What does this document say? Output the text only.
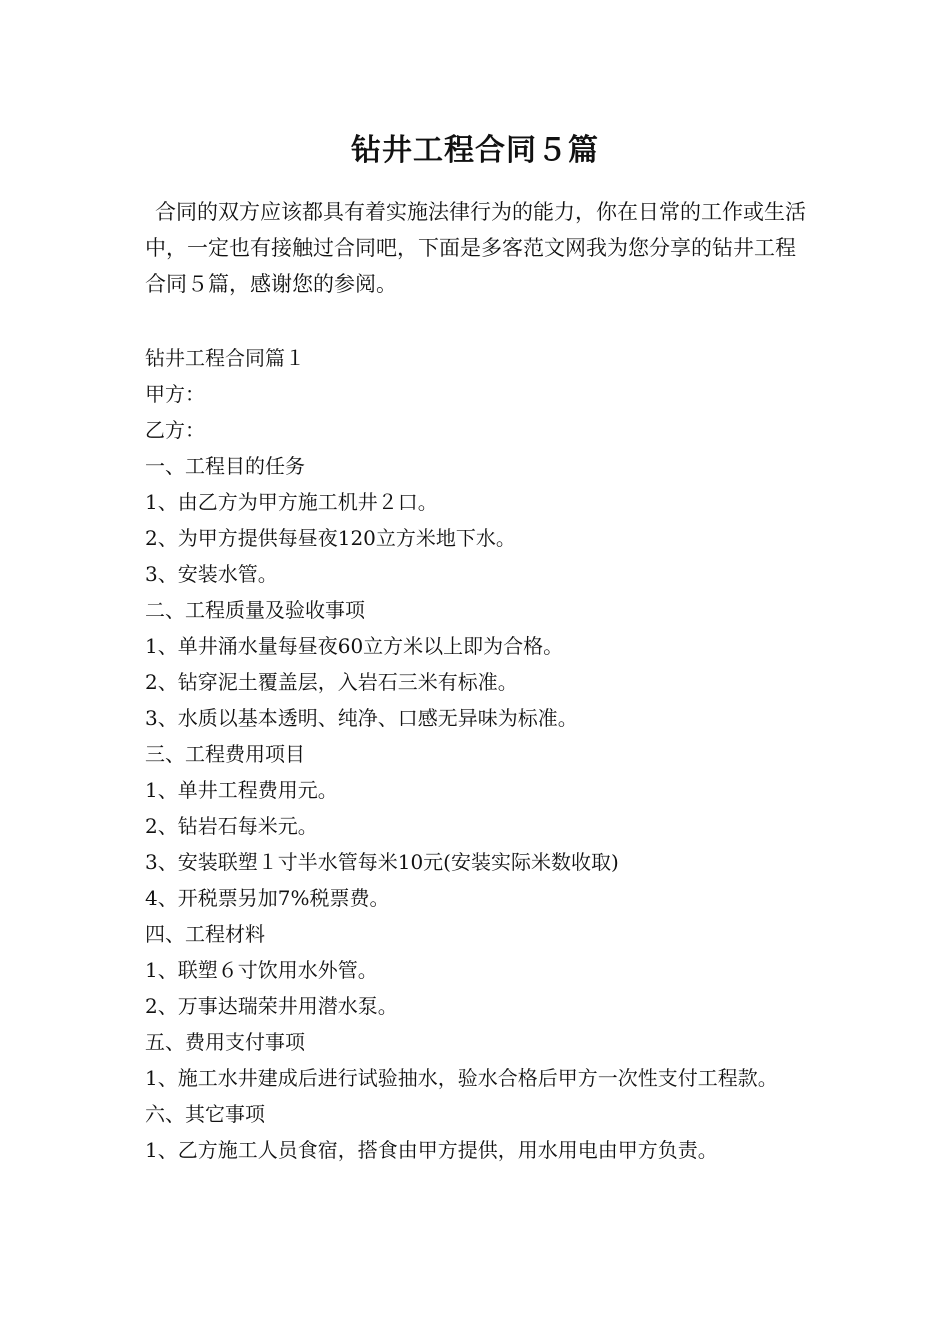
钻井工程合同５篇

合同的双方应该都具有着实施法律行为的能力，你在日常的工作或生活中，一定也有接触过合同吧，下面是多客范文网我为您分享的钻井工程合同５篇，感谢您的参阅。

钻井工程合同篇１
甲方：
乙方：
一、工程目的任务
1、由乙方为甲方施工机井２口。
2、为甲方提供每昼夜120立方米地下水。
3、安装水管。
二、工程质量及验收事项
1、单井涌水量每昼夜60立方米以上即为合格。
2、钻穿泥土覆盖层，入岩石三米有标准。
3、水质以基本透明、纯净、口感无异味为标准。
三、工程费用项目
1、单井工程费用元。
2、钻岩石每米元。
3、安装联塑１寸半水管每米10元(安装实际米数收取)
4、开税票另加7%税票费。
四、工程材料
1、联塑６寸饮用水外管。
2、万事达瑞荣井用潜水泵。
五、费用支付事项
1、施工水井建成后进行试验抽水，验水合格后甲方一次性支付工程款。
六、其它事项
1、乙方施工人员食宿，搭食由甲方提供，用水用电由甲方负责。
